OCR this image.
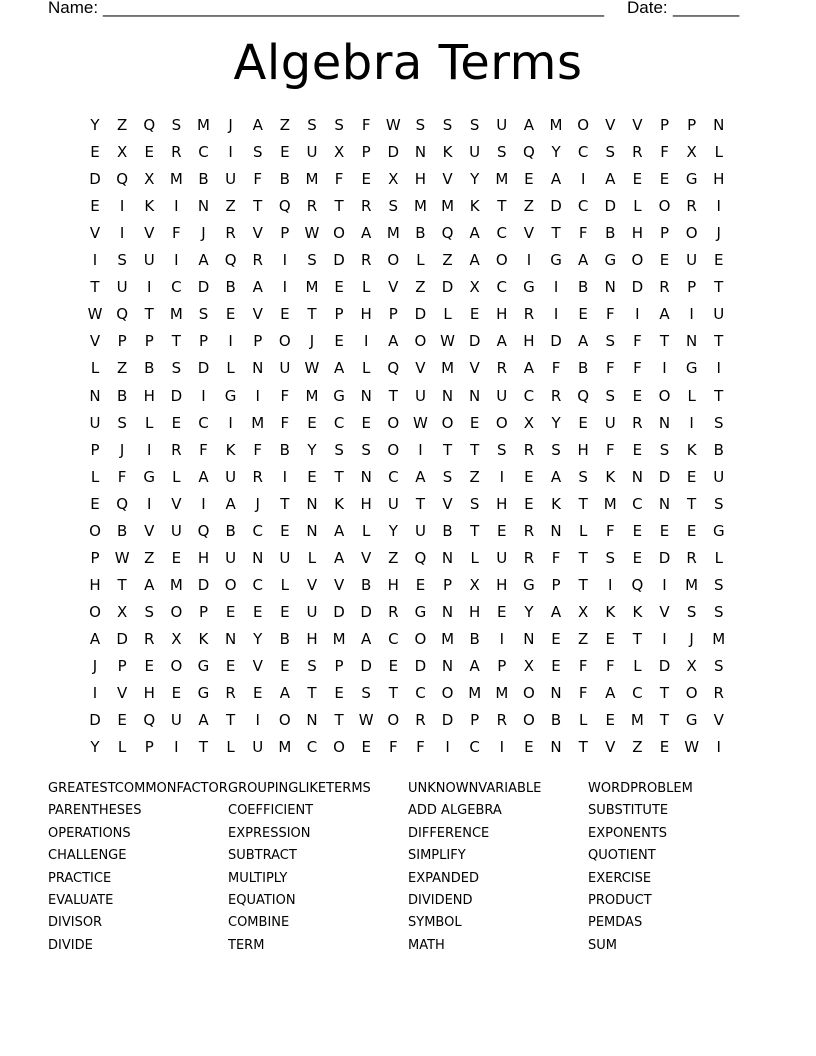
Name: _____________________________________________________ Date: _______
Algebra Terms
Y	Z	Q	S	M	J	A	Z	S	S	F	W S	S	S	U	A	M O	V	V	P	P	N
E	X	E	R	C	I	S	E	U	X	P	D	N	K	U	S	Q	Y	C	S	R	F	X	L
D	Q	X	M	B	U	F	B	M	F	E	X	H	V	Y	M	E	A	I	A	E	E	G	H
E	I	K	I	N	Z	T	Q	R	T	R	S	M M	K	T	Z	D	C	D	L	O	R	I
V	I	V	F	J	R	V	P	W O	A	M	B	Q	A	C	V	T	F	B	H	P	O	J
I	S	U	I	A	Q	R	I	S	D	R	O	L	Z	A	O	I	G	A	G	O	E	U	E
T	U	I	C	D	B	A	I	M	E	L	V	Z	D	X	C	G	I	B	N	D	R	P	T
W Q	T	M	S	E	V	E	T	P	H	P	D	L	E	H	R	I	E	F	I	A	I	U
V	P	P	T	P	I	P	O	J	E	I	A	O W D	A	H	D	A	S	F	T	N	T
L	Z	B	S	D	L	N	U W A	L	Q	V	M	V	R	A	F	B	F	F	I	G	I
N	B	H	D	I	G	I	F	M G	N	T	U	N	N	U	C	R	Q	S	E	O	L	T
U	S	L	E	C	I	M	F	E	C	E	O W O	E	O	X	Y	E	U	R	N	I	S
P	J	I	R	F	K	F	B	Y	S	S	O	I	T	T	S	R	S	H	F	E	S	K	B
L	F	G	L	A	U	R	I	E	T	N	C	A	S	Z	I	E	A	S	K	N	D	E	U
E	Q	I	V	I	A	J	T	N	K	H	U	T	V	S	H	E	K	T	M	C	N	T	S
O	B	V	U	Q	B	C	E	N	A	L	Y	U	B	T	E	R	N	L	F	E	E	E	G
P	W Z	E	H	U	N	U	L	A	V	Z	Q	N	L	U	R	F	T	S	E	D	R	L
H	T	A	M D	O	C	L	V	V	B	H	E	P	X	H	G	P	T	I	Q	I	M	S
O	X	S	O	P	E	E	E	U	D	D	R	G	N	H	E	Y	A	X	K	K	V	S	S
A	D	R	X	K	N	Y	B	H	M	A	C	O M	B	I	N	E	Z	E	T	I	J	M
J	P	E	O	G	E	V	E	S	P	D	E	D	N	A	P	X	E	F	F	L	D	X	S
I	V	H	E	G	R	E	A	T	E	S	T	C	O M M O	N	F	A	C	T	O	R
D	E	Q	U	A	T	I	O	N	T	W O	R	D	P	R	O	B	L	E	M	T	G	V
Y	L	P	I	T	L	U	M	C	O	E	F	F	I	C	I	E	N	T	V	Z	E W	I
GREATESTCOMMONFACTOR
PARENTHESES
OPERATIONS
CHALLENGE
PRACTICE
EVALUATE
DIVISOR
DIVIDE
GROUPINGLIKETERMS
COEFFICIENT
EXPRESSION
SUBTRACT
MULTIPLY
EQUATION
COMBINE
TERM
UNKNOWNVARIABLE
ADD ALGEBRA
DIFFERENCE
SIMPLIFY
EXPANDED
DIVIDEND
SYMBOL
MATH
WORDPROBLEM
SUBSTITUTE
EXPONENTS
QUOTIENT
EXERCISE
PRODUCT
PEMDAS
SUM
